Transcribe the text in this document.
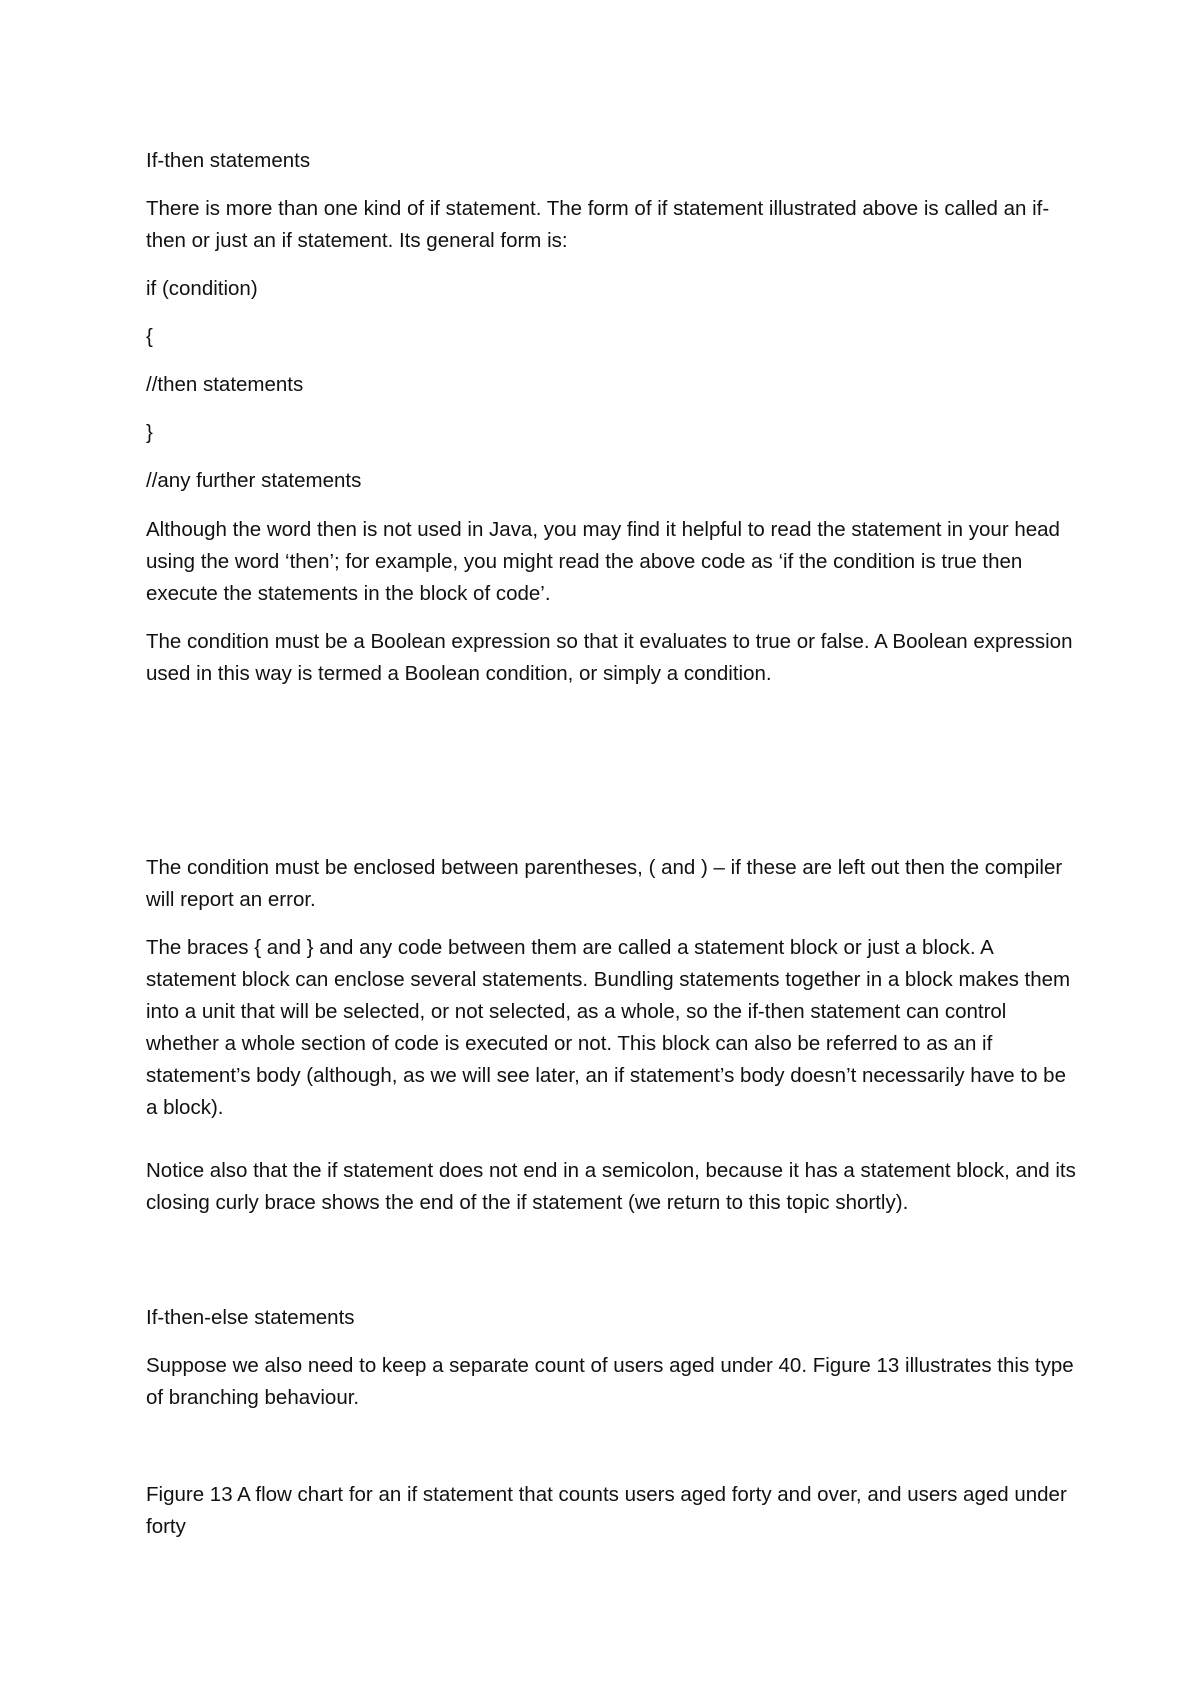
If-then statements

There is more than one kind of if statement. The form of if statement illustrated above is called an if-then or just an if statement. Its general form is:

if (condition)

{

//then statements

}

//any further statements

Although the word then is not used in Java, you may find it helpful to read the statement in your head using the word ‘then’; for example, you might read the above code as ‘if the condition is true then execute the statements in the block of code’.

The condition must be a Boolean expression so that it evaluates to true or false. A Boolean expression used in this way is termed a Boolean condition, or simply a condition.

The condition must be enclosed between parentheses, ( and ) – if these are left out then the compiler will report an error.

The braces { and } and any code between them are called a statement block or just a block. A statement block can enclose several statements. Bundling statements together in a block makes them into a unit that will be selected, or not selected, as a whole, so the if-then statement can control whether a whole section of code is executed or not. This block can also be referred to as an if statement’s body (although, as we will see later, an if statement’s body doesn’t necessarily have to be a block).

Notice also that the if statement does not end in a semicolon, because it has a statement block, and its closing curly brace shows the end of the if statement (we return to this topic shortly).

If-then-else statements

Suppose we also need to keep a separate count of users aged under 40. Figure 13 illustrates this type of branching behaviour.

Figure 13 A flow chart for an if statement that counts users aged forty and over, and users aged under forty
